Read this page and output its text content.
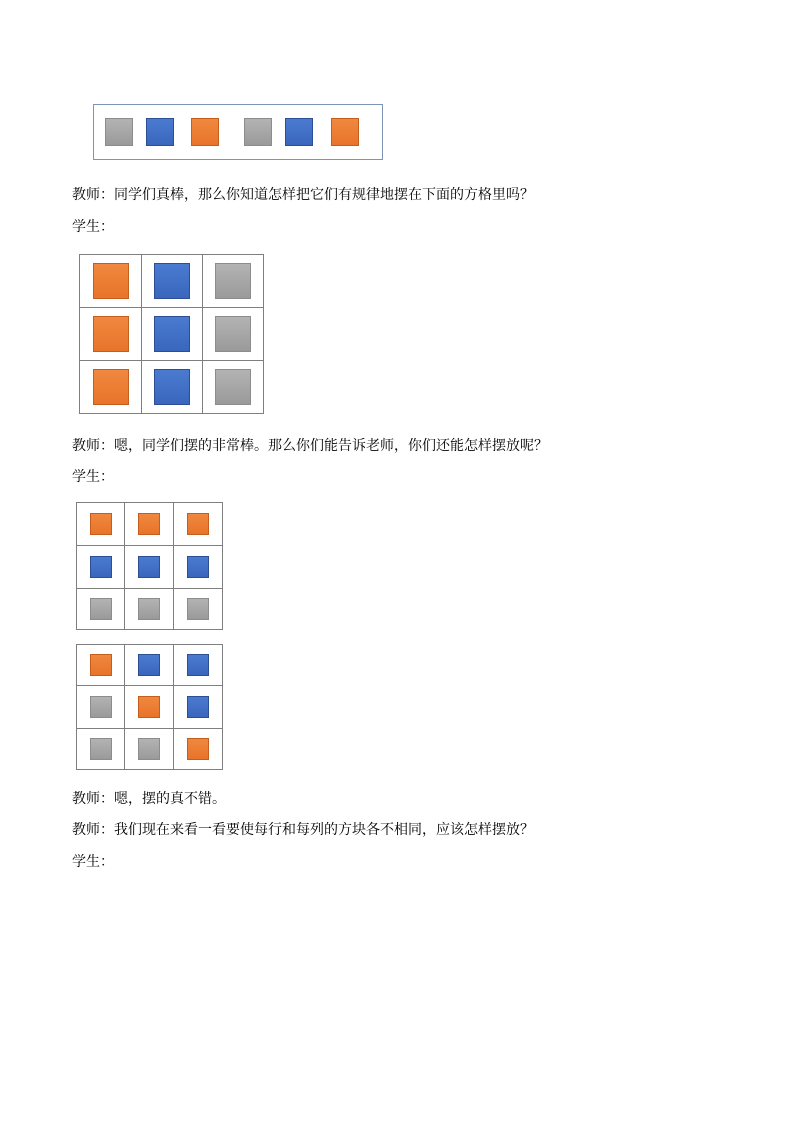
教师：同学们真棒，那么你知道怎样把它们有规律地摆在下面的方格里吗？
学生：

教师：嗯，同学们摆的非常棒。那么你们能告诉老师，你们还能怎样摆放呢？
学生：

教师：嗯，摆的真不错。
教师：我们现在来看一看要使每行和每列的方块各不相同，应该怎样摆放？
学生：
